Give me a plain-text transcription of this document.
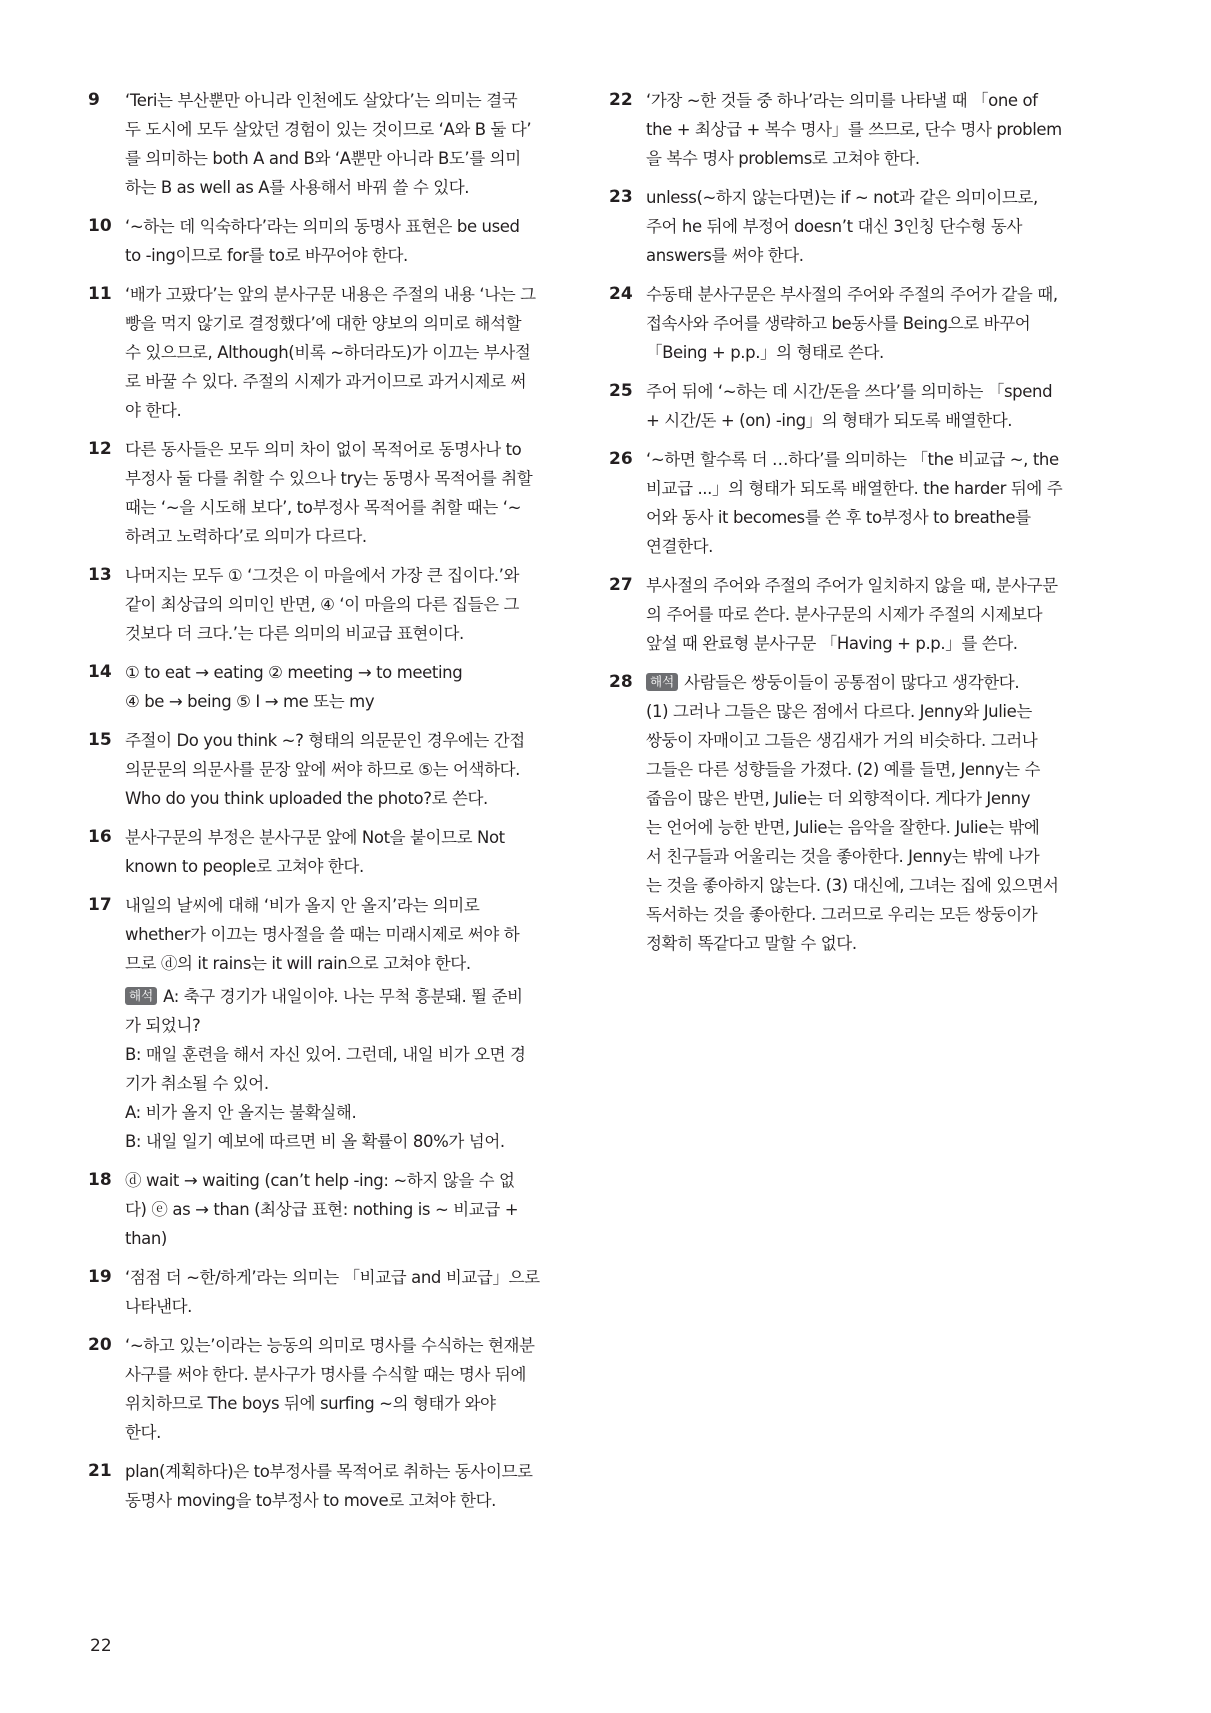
9	‘Teri는 부산뿐만 아니라 인천에도 살았다’는 의미는 결국
두 도시에 모두 살았던 경험이 있는 것이므로 ‘A와 B 둘 다’
를 의미하는 both A and B와 ‘A뿐만 아니라 B도’를 의미
하는 B as well as A를 사용해서 바꿔 쓸 수 있다.
10 ‘~하는 데 익숙하다’라는 의미의 동명사 표현은 be used
to -ing이므로 for를 to로 바꾸어야 한다.
11 ‘배가 고팠다’는 앞의 분사구문 내용은 주절의 내용 ‘나는 그
빵을 먹지 않기로 결정했다’에 대한 양보의 의미로 해석할
수 있으므로, Although(비록 ~하더라도)가 이끄는 부사절
로 바꿀 수 있다. 주절의 시제가 과거이므로 과거시제로 써
야 한다.
12 다른 동사들은 모두 의미 차이 없이 목적어로 동명사나 to
부정사 둘 다를 취할 수 있으나 try는 동명사 목적어를 취할
때는 ‘~을 시도해 보다’, to부정사 목적어를 취할 때는 ‘~
하려고 노력하다’로 의미가 다르다.
13 나머지는 모두 ① ‘그것은 이 마을에서 가장 큰 집이다.’와
같이 최상급의 의미인 반면, ④ ‘이 마을의 다른 집들은 그
것보다 더 크다.’는 다른 의미의 비교급 표현이다.
14 ① to eat → eating ② meeting → to meeting
④ be → being ⑤ I → me 또는 my
15 주절이 Do you think ~? 형태의 의문문인 경우에는 간접
의문문의 의문사를 문장 앞에 써야 하므로 ⑤는 어색하다.
Who do you think uploaded the photo?로 쓴다.
16 분사구문의 부정은 분사구문 앞에 Not을 붙이므로 Not
known to people로 고쳐야 한다.
17 내일의 날씨에 대해 ‘비가 올지 안 올지’라는 의미로
whether가 이끄는 명사절을 쓸 때는 미래시제로 써야 하
므로 ⓓ의 it rains는 it will rain으로 고쳐야 한다.
해석 A: 축구 경기가 내일이야. 나는 무척 흥분돼. 뛸 준비
가 되었니?
B: 매일 훈련을 해서 자신 있어. 그런데, 내일 비가 오면 경
기가 취소될 수 있어.
A: 비가 올지 안 올지는 불확실해.
B: 내일 일기 예보에 따르면 비 올 확률이 80%가 넘어.
18 ⓓ wait → waiting (can’t help -ing: ~하지 않을 수 없
다) ⓔ as → than (최상급 표현: nothing is ~ 비교급 +
than)
19 ‘점점 더 ~한/하게’라는 의미는 「비교급 and 비교급」으로
나타낸다.
20 ‘~하고 있는’이라는 능동의 의미로 명사를 수식하는 현재분
사구를 써야 한다. 분사구가 명사를 수식할 때는 명사 뒤에
위치하므로 The boys 뒤에 surfing ~의 형태가 와야
한다.
21 plan(계획하다)은 to부정사를 목적어로 취하는 동사이므로
동명사 moving을 to부정사 to move로 고쳐야 한다.
22 ‘가장 ~한 것들 중 하나’라는 의미를 나타낼 때 「one of
the + 최상급 + 복수 명사」를 쓰므로, 단수 명사 problem
을 복수 명사 problems로 고쳐야 한다.
23 unless(~하지 않는다면)는 if ~ not과 같은 의미이므로,
주어 he 뒤에 부정어 doesn’t 대신 3인칭 단수형 동사
answers를 써야 한다.
24 수동태 분사구문은 부사절의 주어와 주절의 주어가 같을 때,
접속사와 주어를 생략하고 be동사를 Being으로 바꾸어
「Being + p.p.」의 형태로 쓴다.
25 주어 뒤에 ‘~하는 데 시간/돈을 쓰다’를 의미하는 「spend
+ 시간/돈 + (on) -ing」의 형태가 되도록 배열한다.
26 ‘~하면 할수록 더 …하다’를 의미하는 「the 비교급 ~, the
비교급 ...」의 형태가 되도록 배열한다. the harder 뒤에 주
어와 동사 it becomes를 쓴 후 to부정사 to breathe를
연결한다.
27 부사절의 주어와 주절의 주어가 일치하지 않을 때, 분사구문
의 주어를 따로 쓴다. 분사구문의 시제가 주절의 시제보다
앞설 때 완료형 분사구문 「Having + p.p.」를 쓴다.
28	해석 사람들은 쌍둥이들이 공통점이 많다고 생각한다.
(1) 그러나 그들은 많은 점에서 다르다. Jenny와 Julie는
쌍둥이 자매이고 그들은 생김새가 거의 비슷하다. 그러나
그들은 다른 성향들을 가졌다. (2) 예를 들면, Jenny는 수
줍음이 많은 반면, Julie는 더 외향적이다. 게다가 Jenny
는 언어에 능한 반면, Julie는 음악을 잘한다. Julie는 밖에
서 친구들과 어울리는 것을 좋아한다. Jenny는 밖에 나가
는 것을 좋아하지 않는다. (3) 대신에, 그녀는 집에 있으면서
독서하는 것을 좋아한다. 그러므로 우리는 모든 쌍둥이가
정확히 똑같다고 말할 수 없다.
22
